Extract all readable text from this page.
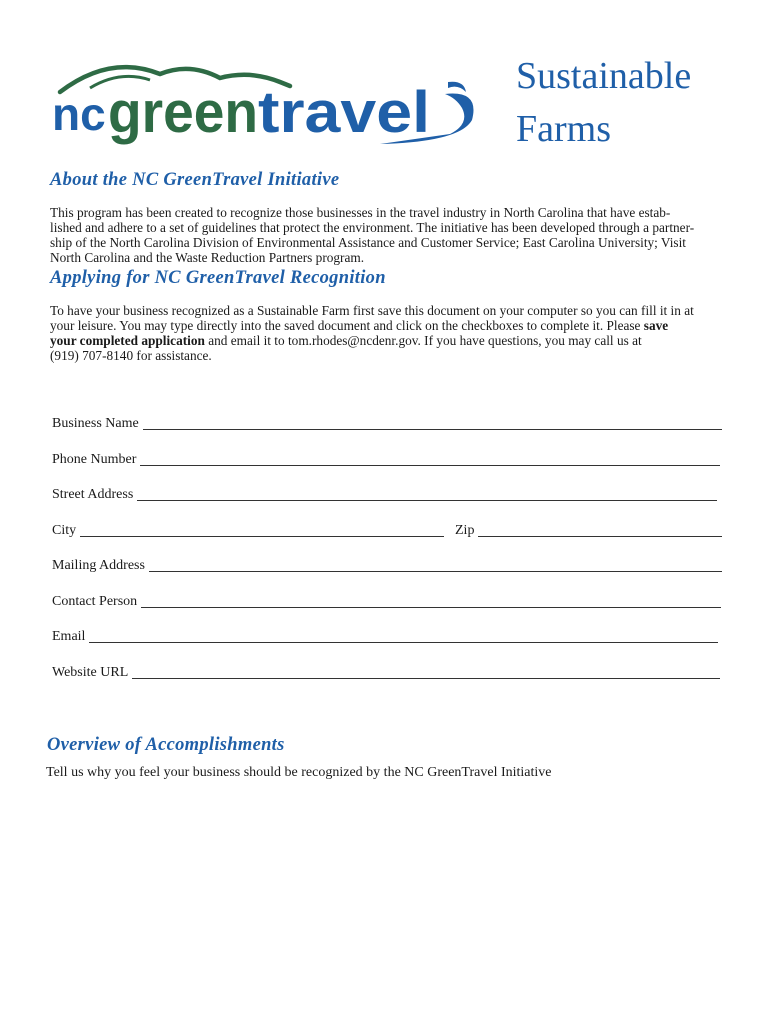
nc green travel
Sustainable
Farms
About the NC GreenTravel Initiative

This program has been created to recognize those businesses in the travel industry in North Carolina that have estab-
lished and adhere to a set of guidelines that protect the environment. The initiative has been developed through a partner-
ship of the North Carolina Division of Environmental Assistance and Customer Service; East Carolina University; Visit
North Carolina and the Waste Reduction Partners program.

Applying for NC GreenTravel Recognition

To have your business recognized as a Sustainable Farm first save this document on your computer so you can fill it in at
your leisure. You may type directly into the saved document and click on the checkboxes to complete it. Please save
your completed application and email it to tom.rhodes@ncdenr.gov. If you have questions, you may call us at
(919) 707-8140 for assistance.

Business Name
Phone Number
Street Address
City	Zip
Mailing Address
Contact Person
Email
Website URL
Overview of Accomplishments
Tell us why you feel your business should be recognized by the NC GreenTravel Initiative
